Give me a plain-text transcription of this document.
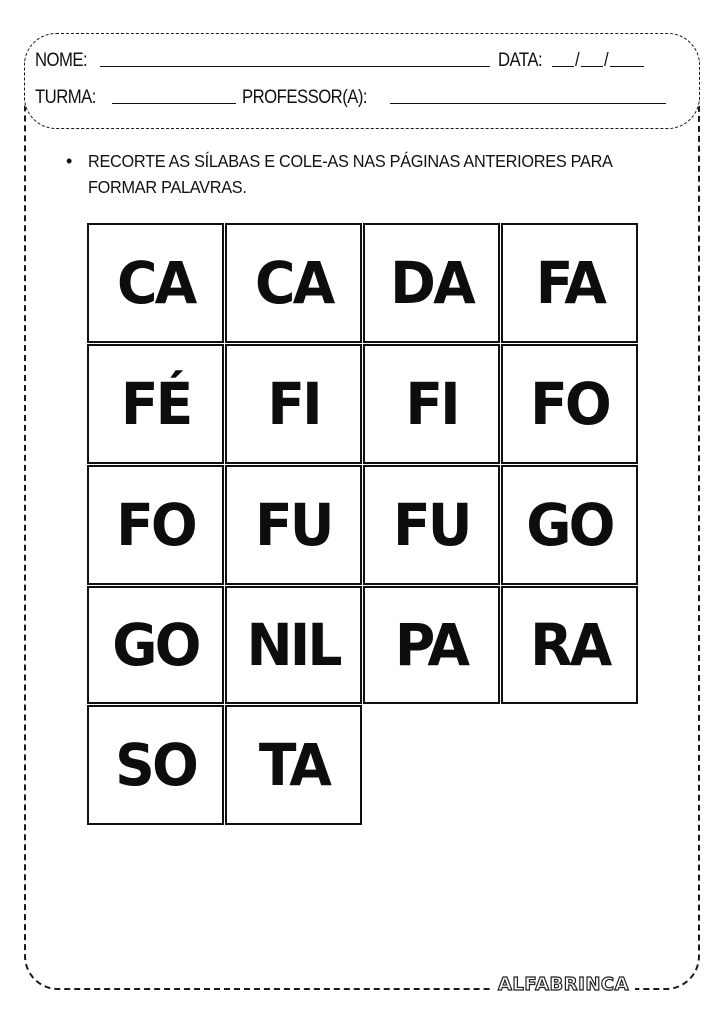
NOME:	DATA: / /
TURMA:	PROFESSOR(A):
• RECORTE AS SÍLABAS E COLE-AS NAS PÁGINAS ANTERIORES PARA FORMAR PALAVRAS.
CA CA DA FA
FÉ FI FI FO
FO FU FU GO
GO NIL PA RA
SO TA
ALFABRINCA
